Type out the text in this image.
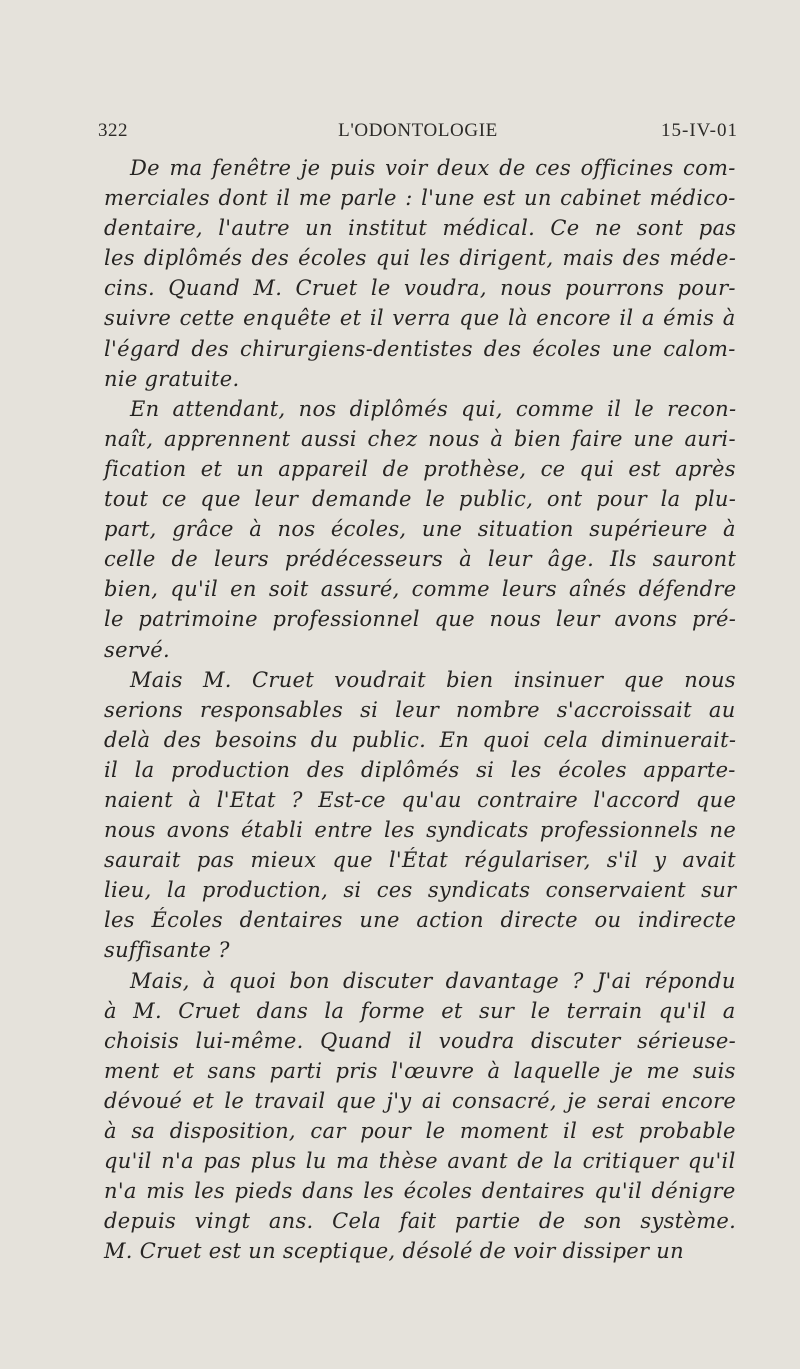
322	L'ODONTOLOGIE	15-IV-01
De ma fenêtre je puis voir deux de ces officines com-
merciales dont il me parle : l'une est un cabinet médico-
dentaire, l'autre un institut médical. Ce ne sont pas
les diplômés des écoles qui les dirigent, mais des méde-
cins. Quand M. Cruet le voudra, nous pourrons pour-
suivre cette enquête et il verra que là encore il a émis à
l'égard des chirurgiens-dentistes des écoles une calom-
nie gratuite.
En attendant, nos diplômés qui, comme il le recon-
naît, apprennent aussi chez nous à bien faire une auri-
fication et un appareil de prothèse, ce qui est après
tout ce que leur demande le public, ont pour la plu-
part, grâce à nos écoles, une situation supérieure à
celle de leurs prédécesseurs à leur âge. Ils sauront
bien, qu'il en soit assuré, comme leurs aînés défendre
le patrimoine professionnel que nous leur avons pré-
servé.
Mais M. Cruet voudrait bien insinuer que nous
serions responsables si leur nombre s'accroissait au
delà des besoins du public. En quoi cela diminuerait-
il la production des diplômés si les écoles apparte-
naient à l'Etat ? Est-ce qu'au contraire l'accord que
nous avons établi entre les syndicats professionnels ne
saurait pas mieux que l'État régulariser, s'il y avait
lieu, la production, si ces syndicats conservaient sur
les Écoles dentaires une action directe ou indirecte
suffisante ?
Mais, à quoi bon discuter davantage ? J'ai répondu
à M. Cruet dans la forme et sur le terrain qu'il a
choisis lui-même. Quand il voudra discuter sérieuse-
ment et sans parti pris l'œuvre à laquelle je me suis
dévoué et le travail que j'y ai consacré, je serai encore
à sa disposition, car pour le moment il est probable
qu'il n'a pas plus lu ma thèse avant de la critiquer qu'il
n'a mis les pieds dans les écoles dentaires qu'il dénigre
depuis vingt ans. Cela fait partie de son système.
M. Cruet est un sceptique, désolé de voir dissiper un
